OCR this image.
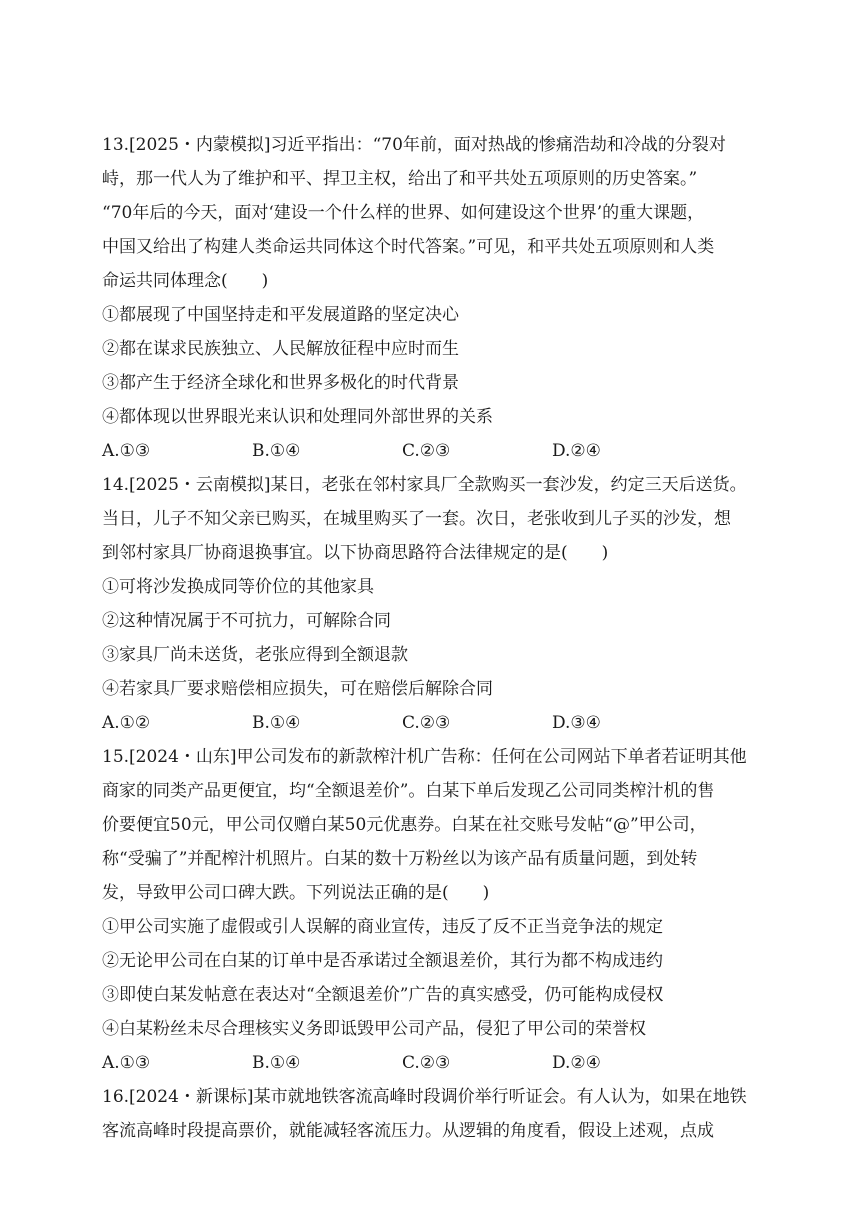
13.[2025・内蒙模拟]习近平指出：“70年前，面对热战的惨痛浩劫和冷战的分裂对
峙，那一代人为了维护和平、捍卫主权，给出了和平共处五项原则的历史答案。”
“70年后的今天，面对‘建设一个什么样的世界、如何建设这个世界’的重大课题，
中国又给出了构建人类命运共同体这个时代答案。”可见，和平共处五项原则和人类
命运共同体理念(　　)
①都展现了中国坚持走和平发展道路的坚定决心
②都在谋求民族独立、人民解放征程中应时而生
③都产生于经济全球化和世界多极化的时代背景
④都体现以世界眼光来认识和处理同外部世界的关系
A.①③	B.①④	C.②③	D.②④
14.[2025・云南模拟]某日，老张在邻村家具厂全款购买一套沙发，约定三天后送货。
当日，儿子不知父亲已购买，在城里购买了一套。次日，老张收到儿子买的沙发，想
到邻村家具厂协商退换事宜。以下协商思路符合法律规定的是(　　)
①可将沙发换成同等价位的其他家具
②这种情况属于不可抗力，可解除合同
③家具厂尚未送货，老张应得到全额退款
④若家具厂要求赔偿相应损失，可在赔偿后解除合同
A.①②	B.①④	C.②③	D.③④
15.[2024・山东]甲公司发布的新款榨汁机广告称：任何在公司网站下单者若证明其他
商家的同类产品更便宜，均“全额退差价”。白某下单后发现乙公司同类榨汁机的售
价要便宜50元，甲公司仅赠白某50元优惠券。白某在社交账号发帖“@”甲公司，
称“受骗了”并配榨汁机照片。白某的数十万粉丝以为该产品有质量问题，到处转
发，导致甲公司口碑大跌。下列说法正确的是(　　)
①甲公司实施了虚假或引人误解的商业宣传，违反了反不正当竞争法的规定
②无论甲公司在白某的订单中是否承诺过全额退差价，其行为都不构成违约
③即使白某发帖意在表达对“全额退差价”广告的真实感受，仍可能构成侵权
④白某粉丝未尽合理核实义务即诋毁甲公司产品，侵犯了甲公司的荣誉权
A.①③	B.①④	C.②③	D.②④
16.[2024・新课标]某市就地铁客流高峰时段调价举行听证会。有人认为，如果在地铁
客流高峰时段提高票价，就能减轻客流压力。从逻辑的角度看，假设上述观，点成
